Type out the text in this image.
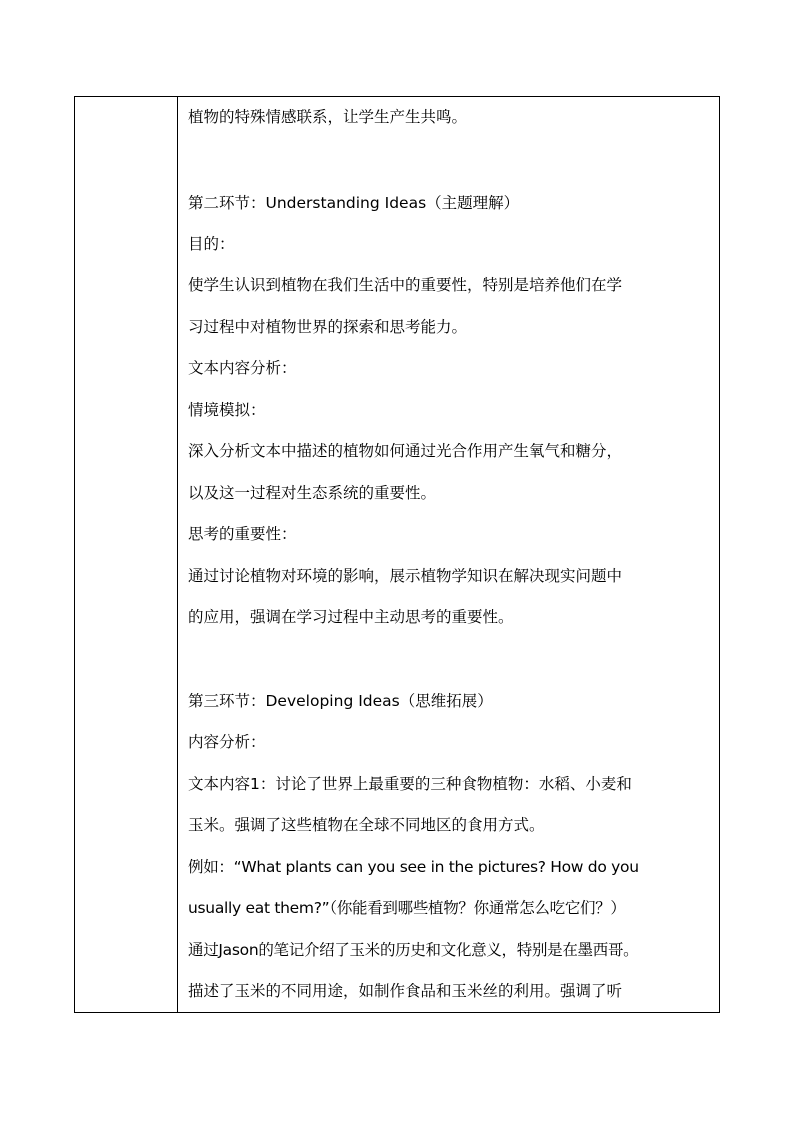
植物的特殊情感联系，让学生产生共鸣。
第二环节：Understanding Ideas（主题理解）
目的：
使学生认识到植物在我们生活中的重要性，特别是培养他们在学
习过程中对植物世界的探索和思考能力。
文本内容分析：
情境模拟：
深入分析文本中描述的植物如何通过光合作用产生氧气和糖分，
以及这一过程对生态系统的重要性。
思考的重要性：
通过讨论植物对环境的影响，展示植物学知识在解决现实问题中
的应用，强调在学习过程中主动思考的重要性。
第三环节：Developing Ideas（思维拓展）
内容分析：
文本内容1：讨论了世界上最重要的三种食物植物：水稻、小麦和
玉米。强调了这些植物在全球不同地区的食用方式。
例如：“What plants can you see in the pictures? How do you
usually eat them?”（你能看到哪些植物？你通常怎么吃它们？）
通过Jason的笔记介绍了玉米的历史和文化意义，特别是在墨西哥。
描述了玉米的不同用途，如制作食品和玉米丝的利用。强调了听
